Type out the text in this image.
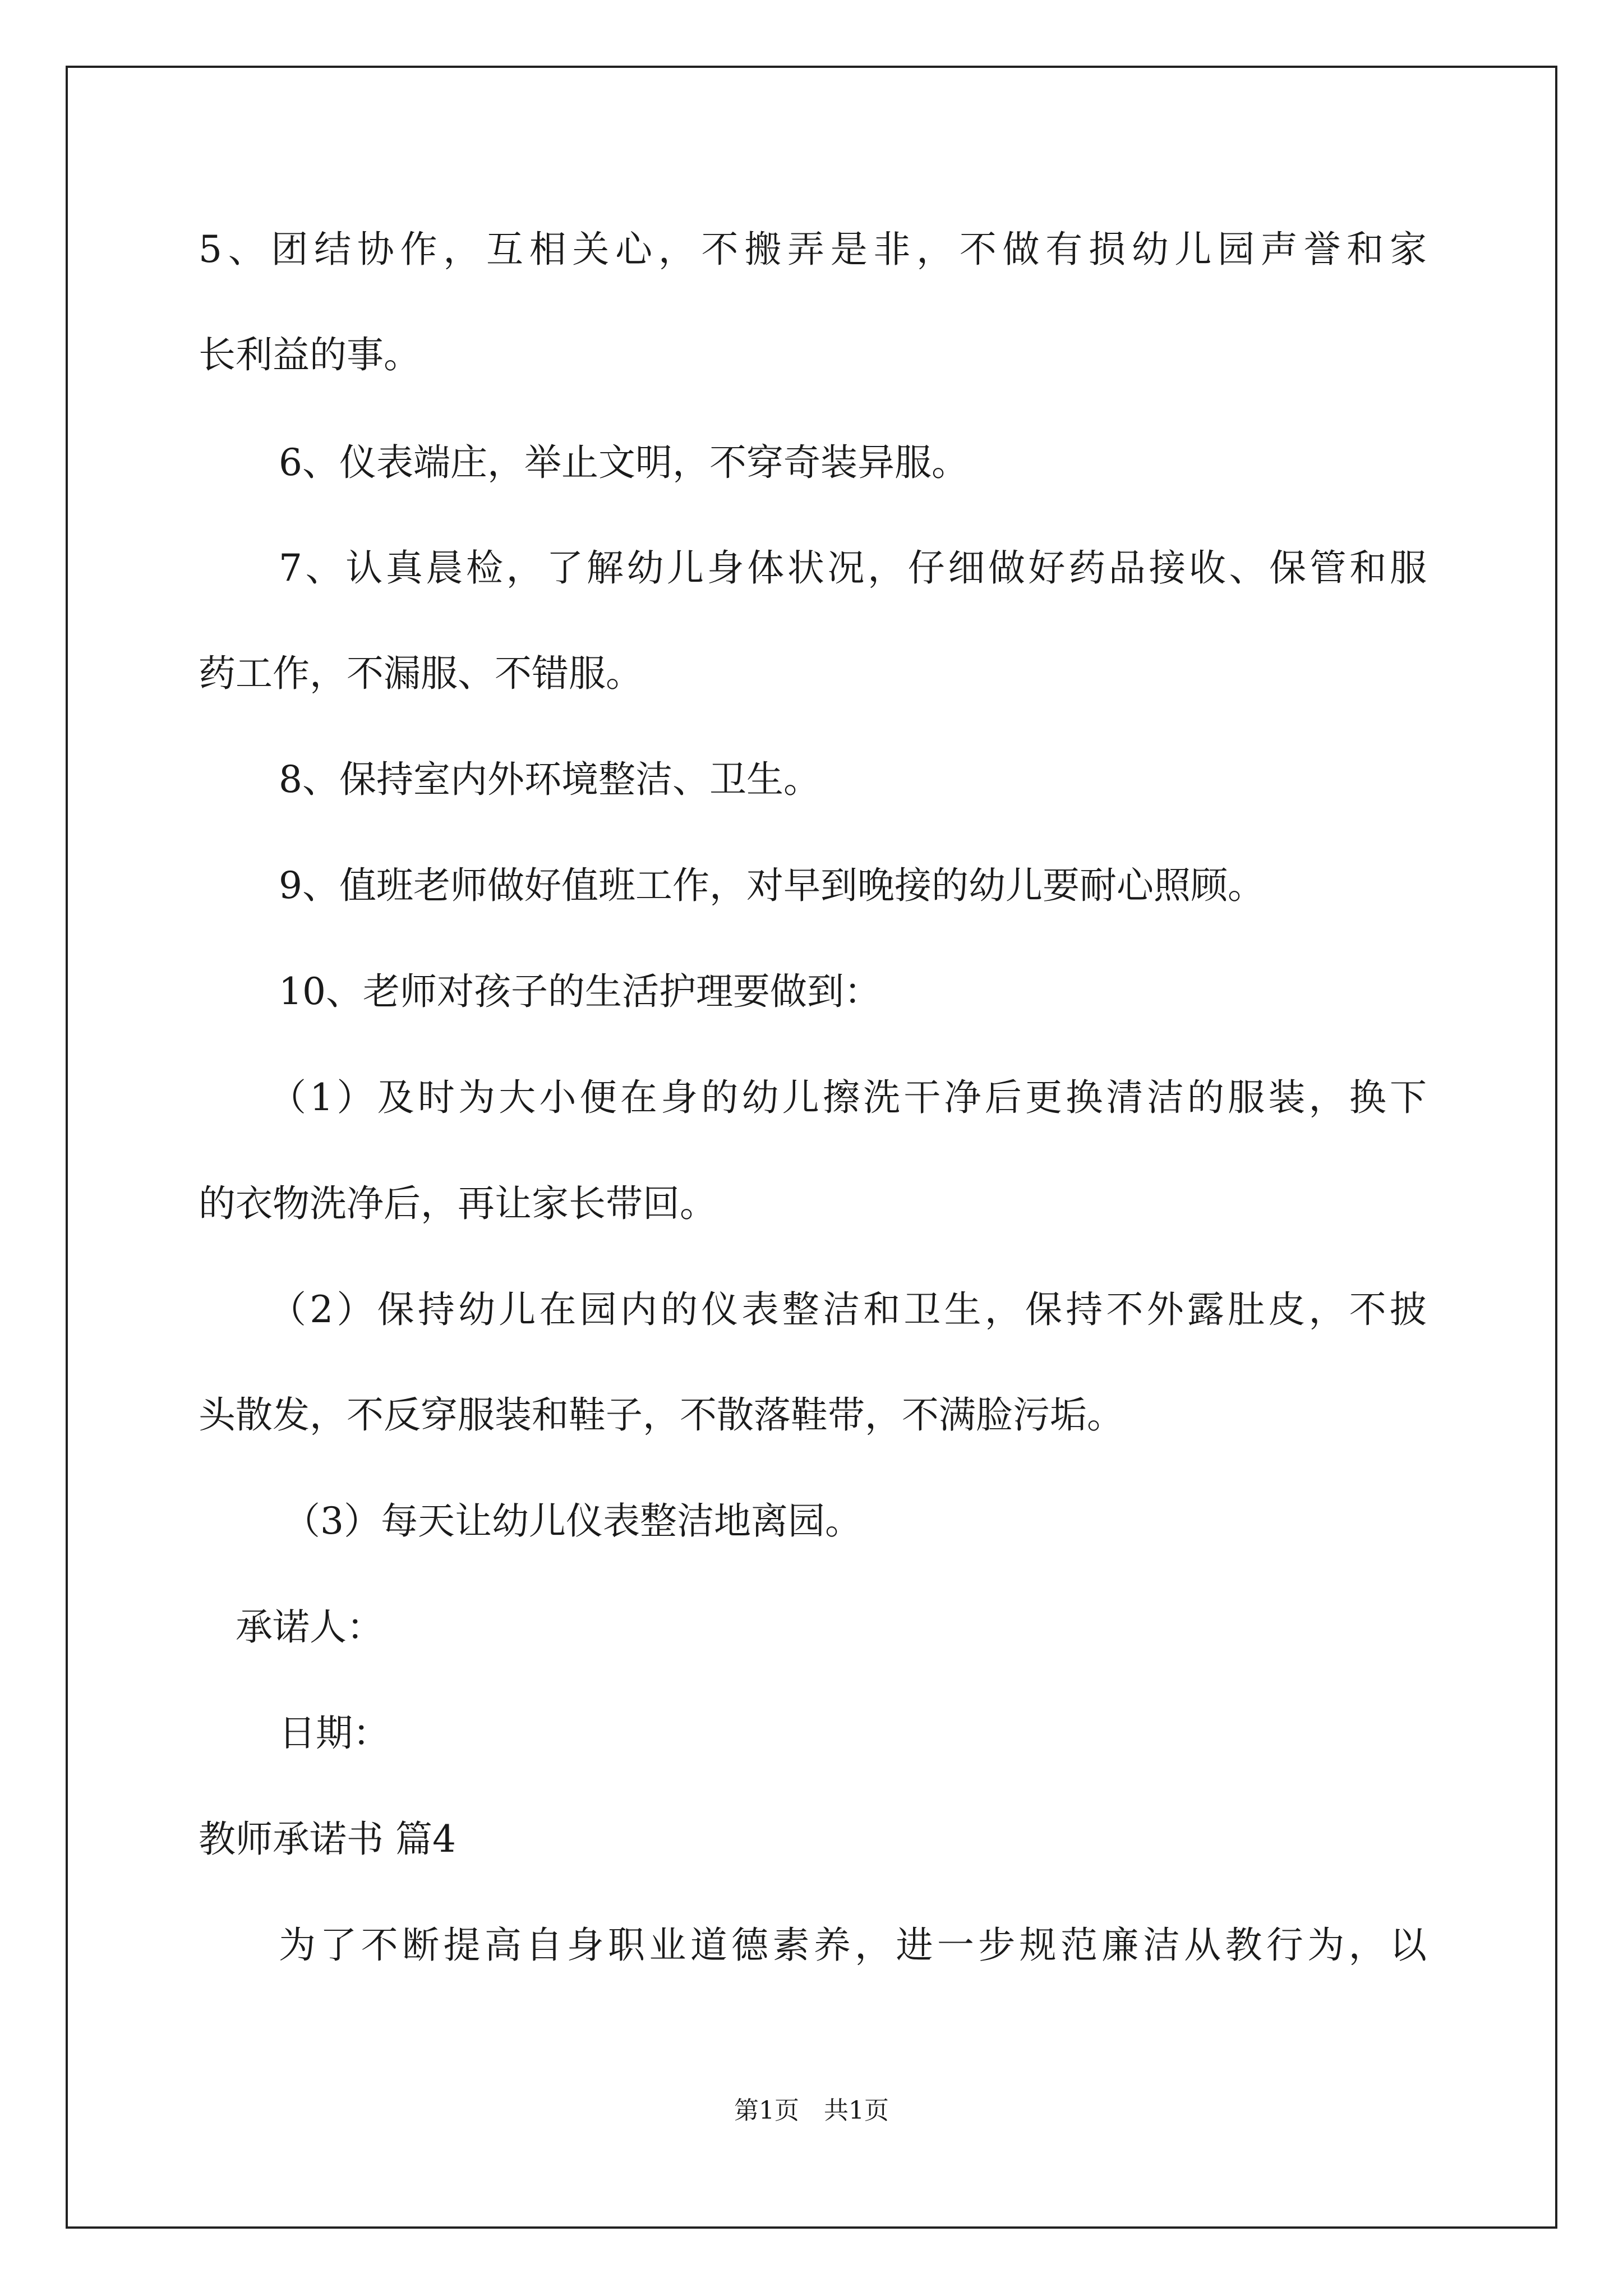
5、团结协作，互相关心，不搬弄是非，不做有损幼儿园声誉和家

长利益的事。

6、仪表端庄，举止文明，不穿奇装异服。

7、认真晨检，了解幼儿身体状况，仔细做好药品接收、保管和服

药工作，不漏服、不错服。

8、保持室内外环境整洁、卫生。

9、值班老师做好值班工作，对早到晚接的幼儿要耐心照顾。

10、老师对孩子的生活护理要做到：

（1）及时为大小便在身的幼儿擦洗干净后更换清洁的服装，换下

的衣物洗净后，再让家长带回。

（2）保持幼儿在园内的仪表整洁和卫生，保持不外露肚皮，不披

头散发，不反穿服装和鞋子，不散落鞋带，不满脸污垢。

（3）每天让幼儿仪表整洁地离园。

承诺人：

日期：

教师承诺书 篇4

为了不断提高自身职业道德素养，进一步规范廉洁从教行为，以

第1页　共1页
